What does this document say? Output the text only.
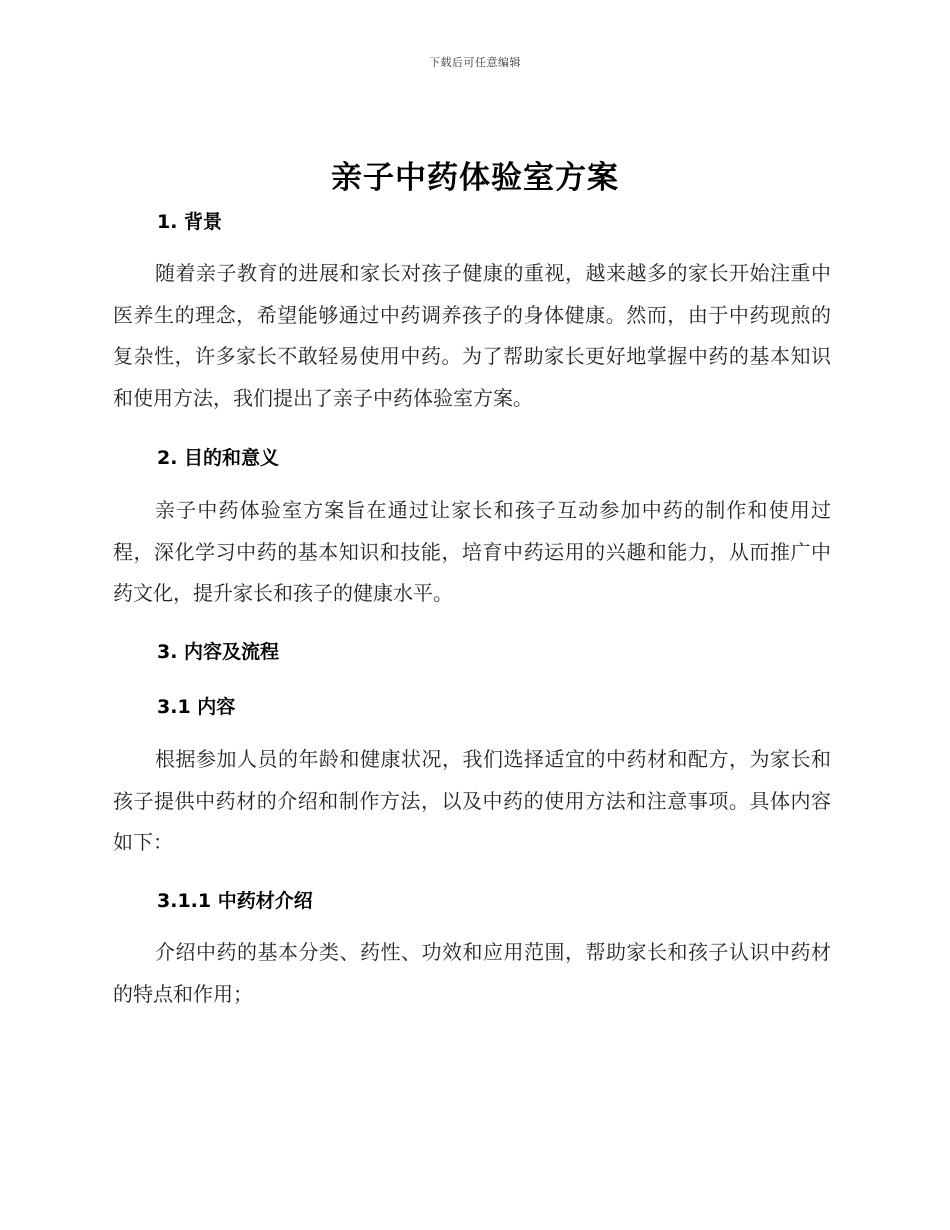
下载后可任意编辑
亲子中药体验室方案
1. 背景

随着亲子教育的进展和家长对孩子健康的重视，越来越多的家长开始注重中医养生的理念，希望能够通过中药调养孩子的身体健康。然而，由于中药现煎的复杂性，许多家长不敢轻易使用中药。为了帮助家长更好地掌握中药的基本知识和使用方法，我们提出了亲子中药体验室方案。

2. 目的和意义

亲子中药体验室方案旨在通过让家长和孩子互动参加中药的制作和使用过程，深化学习中药的基本知识和技能，培育中药运用的兴趣和能力，从而推广中药文化，提升家长和孩子的健康水平。

3. 内容及流程
3.1 内容

根据参加人员的年龄和健康状况，我们选择适宜的中药材和配方，为家长和孩子提供中药材的介绍和制作方法，以及中药的使用方法和注意事项。具体内容如下：

3.1.1 中药材介绍

介绍中药的基本分类、药性、功效和应用范围，帮助家长和孩子认识中药材的特点和作用；
